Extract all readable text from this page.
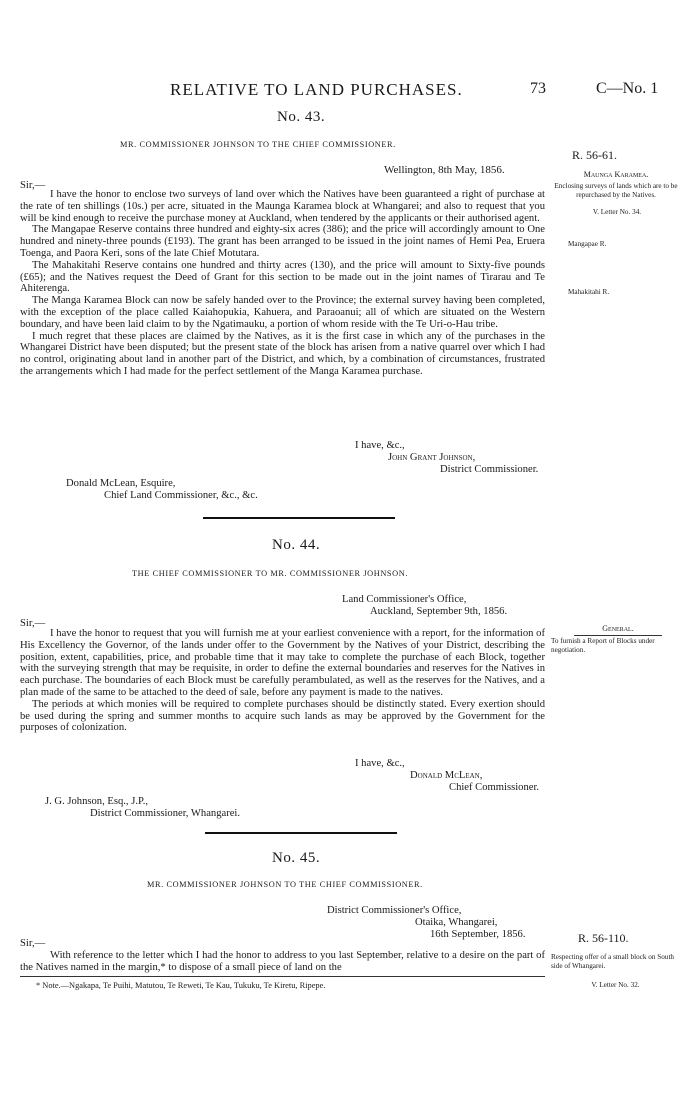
RELATIVE TO LAND PURCHASES.	73	C—No. 1
No. 43.
MR. COMMISSIONER JOHNSON TO THE CHIEF COMMISSIONER.
R. 56-61.
Wellington, 8th May, 1856.
Sir,—
Maunga Karamea.
Enclosing surveys of lands which are to be repurchased by the Natives.
V. Letter No. 34.
Mangapae R.
Mahakitahi R.

I have the honor to enclose two surveys of land over which the Natives have been guaranteed a right of purchase at the rate of ten shillings (10s.) per acre, situated in the Maunga Karamea block at Whangarei; and also to request that you will be kind enough to receive the purchase money at Auckland, when tendered by the applicants or their authorised agent.

The Mangapae Reserve contains three hundred and eighty-six acres (386); and the price will accordingly amount to One hundred and ninety-three pounds (£193). The grant has been arranged to be issued in the joint names of Hemi Pea, Eruera Toenga, and Paora Keri, sons of the late Chief Motutara.

The Mahakitahi Reserve contains one hundred and thirty acres (130), and the price will amount to Sixty-five pounds (£65); and the Natives request the Deed of Grant for this section to be made out in the joint names of Tirarau and Te Ahiterenga.

The Manga Karamea Block can now be safely handed over to the Province; the external survey having been completed, with the exception of the place called Kaiahopukia, Kahuera, and Paraoanui; all of which are situated on the Western boundary, and have been laid claim to by the Ngatimauku, a portion of whom reside with the Te Uri-o-Hau tribe.

I much regret that these places are claimed by the Natives, as it is the first case in which any of the purchases in the Whangarei District have been disputed; but the present state of the block has arisen from a native quarrel over which I had no control, originating about land in another part of the District, and which, by a combination of circumstances, frustrated the arrangements which I had made for the perfect settlement of the Manga Karamea purchase.

I have, &c.,
John Grant Johnson,
District Commissioner.
Donald McLean, Esquire,
Chief Land Commissioner, &c., &c.
No. 44.
THE CHIEF COMMISSIONER TO MR. COMMISSIONER JOHNSON.
Land Commissioner's Office,
Auckland, September 9th, 1856.
Sir,—	General.
To furnish a Report of Blocks under negotiation.

I have the honor to request that you will furnish me at your earliest convenience with a report, for the information of His Excellency the Governor, of the lands under offer to the Government by the Natives of your District, describing the position, extent, capabilities, price, and probable time that it may take to complete the purchase of each Block, together with the surveying strength that may be requisite, in order to define the external boundaries and reserves for the Natives in each purchase. The boundaries of each Block must be carefully perambulated, as well as the reserves for the Natives, and a plan made of the same to be attached to the deed of sale, before any payment is made to the natives.

The periods at which monies will be required to complete purchases should be distinctly stated. Every exertion should be used during the spring and summer months to acquire such lands as may be approved by the Government for the purposes of colonization.

I have, &c.,
Donald McLean,
Chief Commissioner.
J. G. Johnson, Esq., J.P.,
District Commissioner, Whangarei.
No. 45.
MR. COMMISSIONER JOHNSON TO THE CHIEF COMMISSIONER.
District Commissioner's Office,
Otaika, Whangarei,
16th September, 1856.	R. 56-110.
Sir,—

With reference to the letter which I had the honor to address to you last September, relative to a desire on the part of the Natives named in the margin,* to dispose of a small piece of land on the

Respecting offer of a small block on South side of Whangarei.
V. Letter No. 32.
* Note.—Ngakapa, Te Puihi, Matutou, Te Reweti, Te Kau, Tukuku, Te Kiretu, Ripepe.
